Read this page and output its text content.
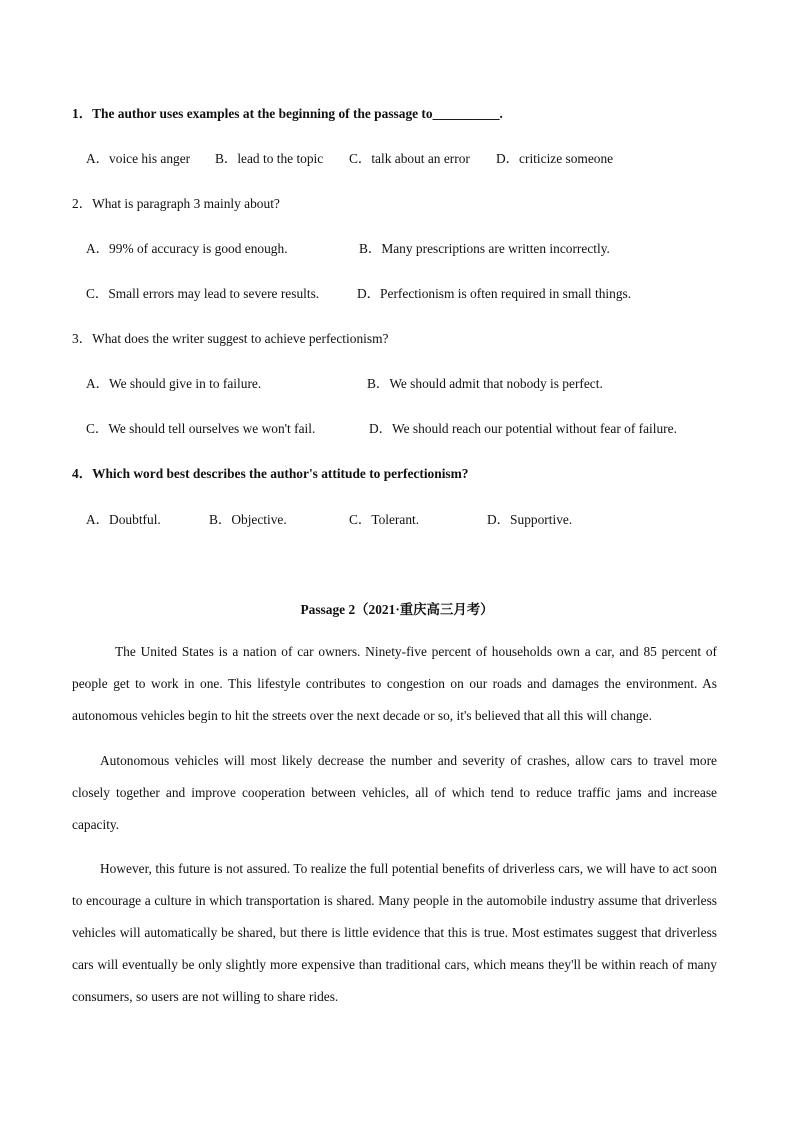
1．The author uses examples at the beginning of the passage to__________.
A．voice his anger B．lead to the topic C．talk about an error D．criticize someone
2．What is paragraph 3 mainly about?
A．99% of accuracy is good enough.	B．Many prescriptions are written incorrectly.
C．Small errors may lead to severe results.	D．Perfectionism is often required in small things.
3．What does the writer suggest to achieve perfectionism?
A．We should give in to failure.	B．We should admit that nobody is perfect.
C．We should tell ourselves we won't fail.	D．We should reach our potential without fear of failure.
4．Which word best describes the author's attitude to perfectionism?
A．Doubtful.	B．Objective.	C．Tolerant.	D．Supportive.
Passage 2（2021·重庆高三月考）

The United States is a nation of car owners. Ninety-five percent of households own a car, and 85 percent of people get to work in one. This lifestyle contributes to congestion on our roads and damages the environment. As autonomous vehicles begin to hit the streets over the next decade or so, it's believed that all this will change.

Autonomous vehicles will most likely decrease the number and severity of crashes, allow cars to travel more closely together and improve cooperation between vehicles, all of which tend to reduce traffic jams and increase capacity.

However, this future is not assured. To realize the full potential benefits of driverless cars, we will have to act soon to encourage a culture in which transportation is shared. Many people in the automobile industry assume that driverless vehicles will automatically be shared, but there is little evidence that this is true. Most estimates suggest that driverless cars will eventually be only slightly more expensive than traditional cars, which means they'll be within reach of many consumers, so users are not willing to share rides.
